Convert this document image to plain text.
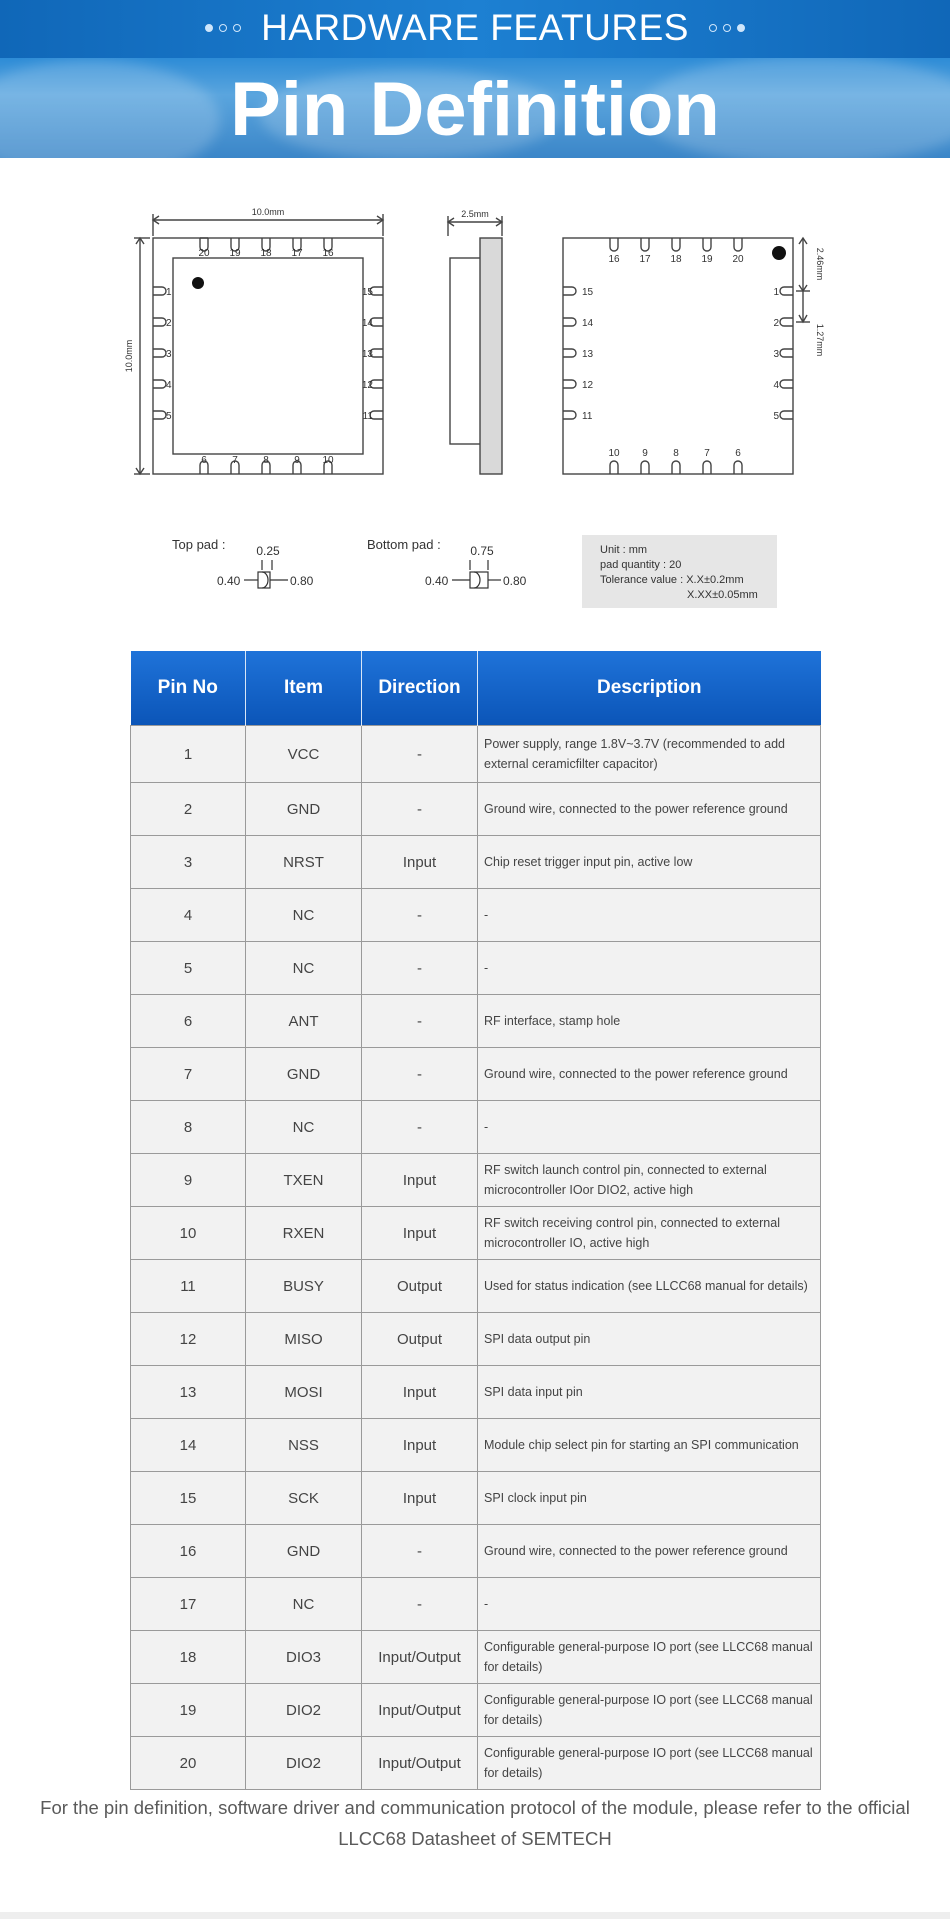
HARDWARE FEATURES
Pin Definition
10.0mm
10.0mm
20 19 18 17 16
6	7	8	9 10
1
2
3
4
5
15
14
13
12
11
2.5mm
2.46mm
1.27mm
16 17 18 19 20
10 9	8	7	6
15
14
13
12
11
1
2
3
4
5
Top pad :	0.25
0.40	0.80
Bottom pad : 0.75
0.40	0.80
Unit : mm
pad quantity : 20
Tolerance value : X.X±0.2mm
X.XX±0.05mm
Pin No	Item	Direction	Description
1	VCC	-	Power supply, range 1.8V~3.7V (recommended to add external ceramicfilter capacitor)
2	GND	-	Ground wire, connected to the power reference ground
3	NRST	Input	Chip reset trigger input pin, active low
4	NC	-	-
5	NC	-	-
6	ANT	-	RF interface, stamp hole
7	GND	-	Ground wire, connected to the power reference ground
8	NC	-	-
9	TXEN	Input	RF switch launch control pin, connected to external microcontroller IOor DIO2, active high
10	RXEN	Input	RF switch receiving control pin, connected to external microcontroller IO, active high
11	BUSY	Output	Used for status indication (see LLCC68 manual for details)
12	MISO	Output	SPI data output pin
13	MOSI	Input	SPI data input pin
14	NSS	Input	Module chip select pin for starting an SPI communication
15	SCK	Input	SPI clock input pin
16	GND	-	Ground wire, connected to the power reference ground
17	NC	-	-
18	DIO3	Input/Output	Configurable general-purpose IO port (see LLCC68 manual for details)
19	DIO2	Input/Output	Configurable general-purpose IO port (see LLCC68 manual for details)
20	DIO2	Input/Output	Configurable general-purpose IO port (see LLCC68 manual for details)
For the pin definition, software driver and communication protocol of the module, please refer to the official LLCC68 Datasheet of SEMTECH
